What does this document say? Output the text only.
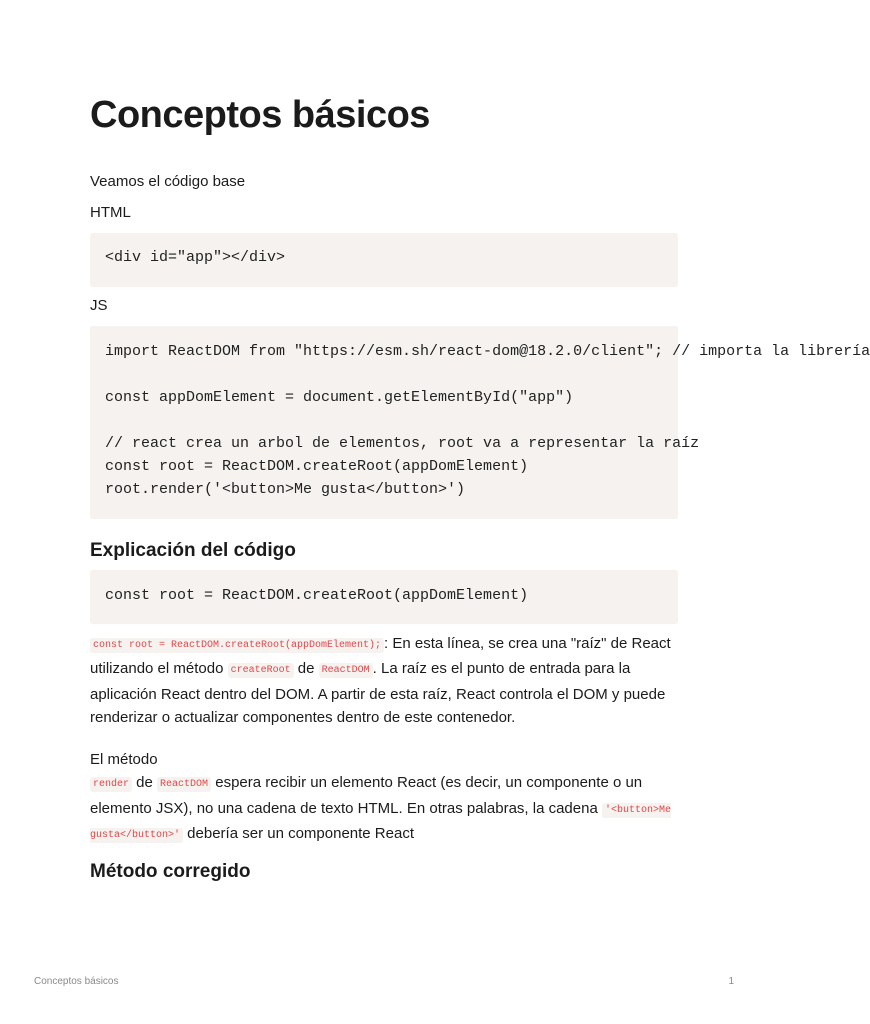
Conceptos básicos

Veamos el código base

HTML

<div id="app"></div>

JS

import ReactDOM from "https://esm.sh/react-dom@18.2.0/client"; // importa la librería
const appDomElement = document.getElementById("app")
// react crea un arbol de elementos, root va a representar la raíz
const root = ReactDOM.createRoot(appDomElement)
root.render('<button>Me gusta</button>')
Explicación del código
const root = ReactDOM.createRoot(appDomElement)

const root = ReactDOM.createRoot(appDomElement); : En esta línea, se crea una "raíz" de React utilizando el método createRoot de ReactDOM . La raíz es el punto de entrada para la aplicación React dentro del DOM. A partir de esta raíz, React controla el DOM y puede renderizar o actualizar componentes dentro de este contenedor.

El método
render de ReactDOM espera recibir un elemento React (es decir, un componente o un elemento JSX), no una cadena de texto HTML. En otras palabras, la cadena '<button>Me gusta</button>' debería ser un componente React

Método corregido
Conceptos básicos	1
